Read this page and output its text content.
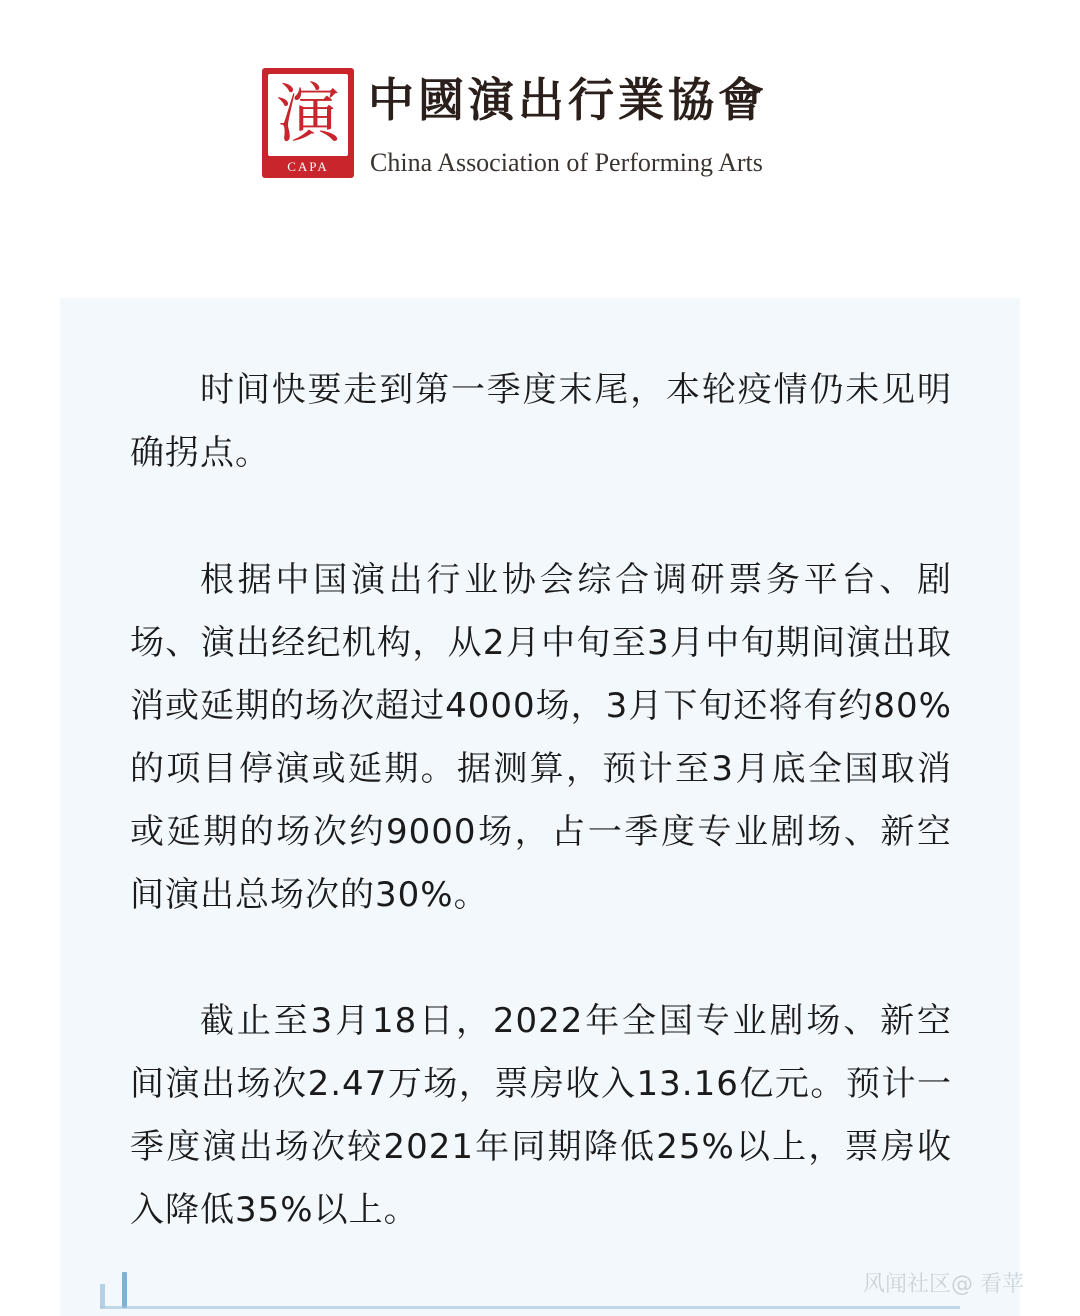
演
CAPA
中國演出行業協會
China Association of Performing Arts

时间快要走到第一季度末尾，本轮疫情仍未见明确拐点。

根据中国演出行业协会综合调研票务平台、剧场、演出经纪机构，从2月中旬至3月中旬期间演出取消或延期的场次超过4000场，3月下旬还将有约80%的项目停演或延期。据测算，预计至3月底全国取消或延期的场次约9000场，占一季度专业剧场、新空间演出总场次的30%。

截止至3月18日，2022年全国专业剧场、新空间演出场次2.47万场，票房收入13.16亿元。预计一季度演出场次较2021年同期降低25%以上，票房收入降低35%以上。

风闻社区@ 看苹
